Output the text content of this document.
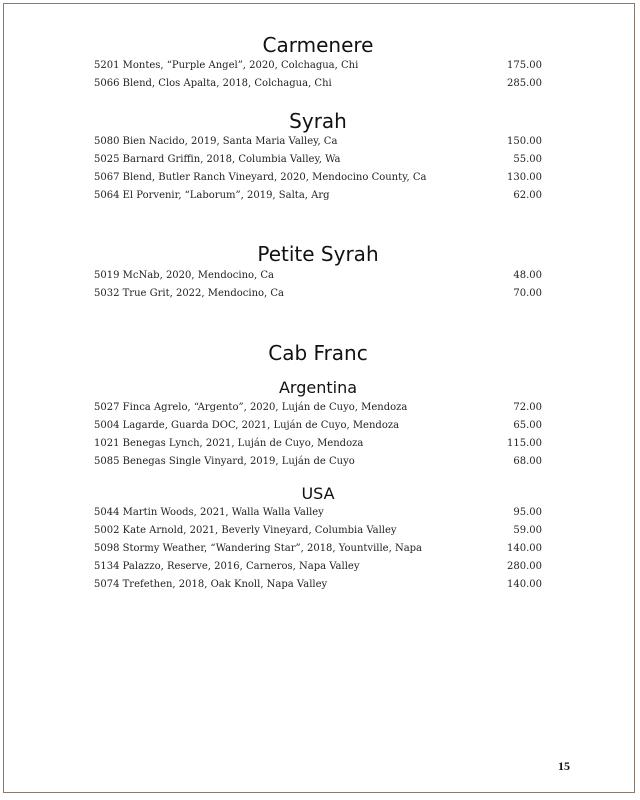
Carmenere
5201 Montes, “Purple Angel”, 2020, Colchagua, Chi	175.00
5066 Blend, Clos Apalta, 2018, Colchagua, Chi	285.00
Syrah
5080 Bien Nacido, 2019, Santa Maria Valley, Ca	150.00
5025 Barnard Griffin, 2018, Columbia Valley, Wa	55.00
5067 Blend, Butler Ranch Vineyard, 2020, Mendocino County, Ca	130.00
5064 El Porvenir, “Laborum”, 2019, Salta, Arg	62.00
Petite Syrah
5019 McNab, 2020, Mendocino, Ca	48.00
5032 True Grit, 2022, Mendocino, Ca	70.00
Cab Franc
Argentina
5027 Finca Agrelo, “Argento”, 2020, Luján de Cuyo, Mendoza	72.00
5004 Lagarde, Guarda DOC, 2021, Luján de Cuyo, Mendoza	65.00
1021 Benegas Lynch, 2021, Luján de Cuyo, Mendoza	115.00
5085 Benegas Single Vinyard, 2019, Luján de Cuyo	68.00
USA
5044 Martin Woods, 2021, Walla Walla Valley	95.00
5002 Kate Arnold, 2021, Beverly Vineyard, Columbia Valley	59.00
5098 Stormy Weather, “Wandering Star”, 2018, Yountville, Napa	140.00
5134 Palazzo, Reserve, 2016, Carneros, Napa Valley	280.00
5074 Trefethen, 2018, Oak Knoll, Napa Valley	140.00
15
